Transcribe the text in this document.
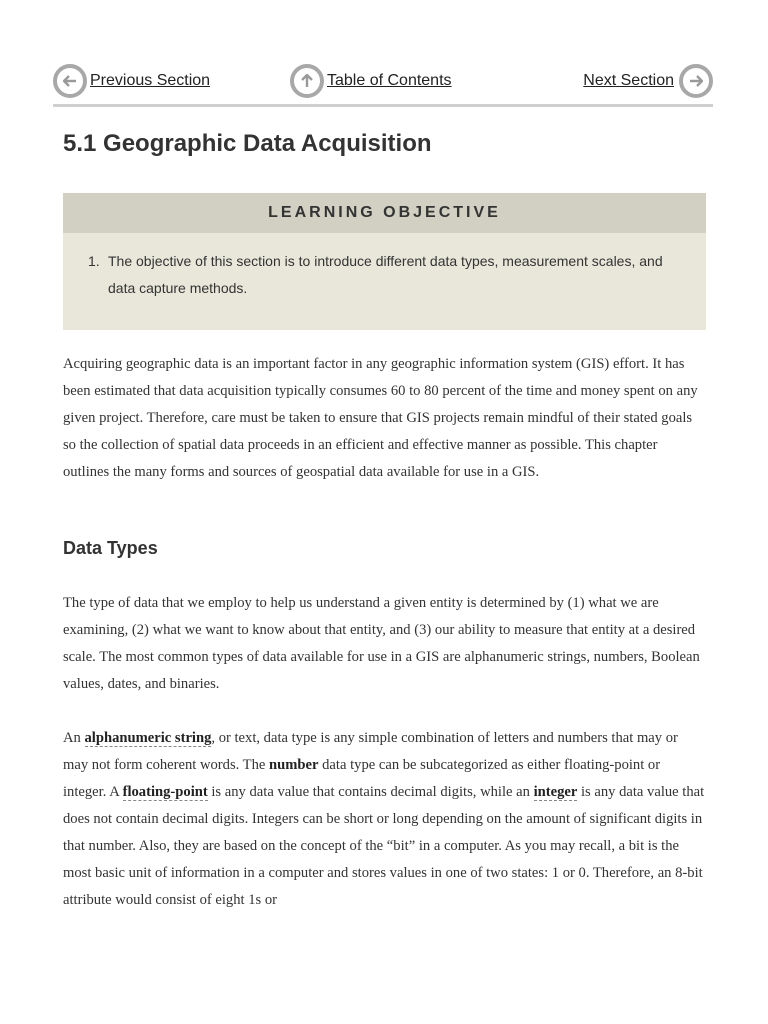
Previous Section	Table of Contents	Next Section
5.1 Geographic Data Acquisition
LEARNING OBJECTIVE
1. The objective of this section is to introduce different data types, measurement scales, and data capture methods.

Acquiring geographic data is an important factor in any geographic information system (GIS) effort. It has been estimated that data acquisition typically consumes 60 to 80 percent of the time and money spent on any given project. Therefore, care must be taken to ensure that GIS projects remain mindful of their stated goals so the collection of spatial data proceeds in an efficient and effective manner as possible. This chapter outlines the many forms and sources of geospatial data available for use in a GIS.

Data Types

The type of data that we employ to help us understand a given entity is determined by (1) what we are examining, (2) what we want to know about that entity, and (3) our ability to measure that entity at a desired scale. The most common types of data available for use in a GIS are alphanumeric strings, numbers, Boolean values, dates, and binaries.

An alphanumeric string, or text, data type is any simple combination of letters and numbers that may or may not form coherent words. The number data type can be subcategorized as either floating-point or integer. A floating-point is any data value that contains decimal digits, while an integer is any data value that does not contain decimal digits. Integers can be short or long depending on the amount of significant digits in that number. Also, they are based on the concept of the “bit” in a computer. As you may recall, a bit is the most basic unit of information in a computer and stores values in one of two states: 1 or 0. Therefore, an 8-bit attribute would consist of eight 1s or
